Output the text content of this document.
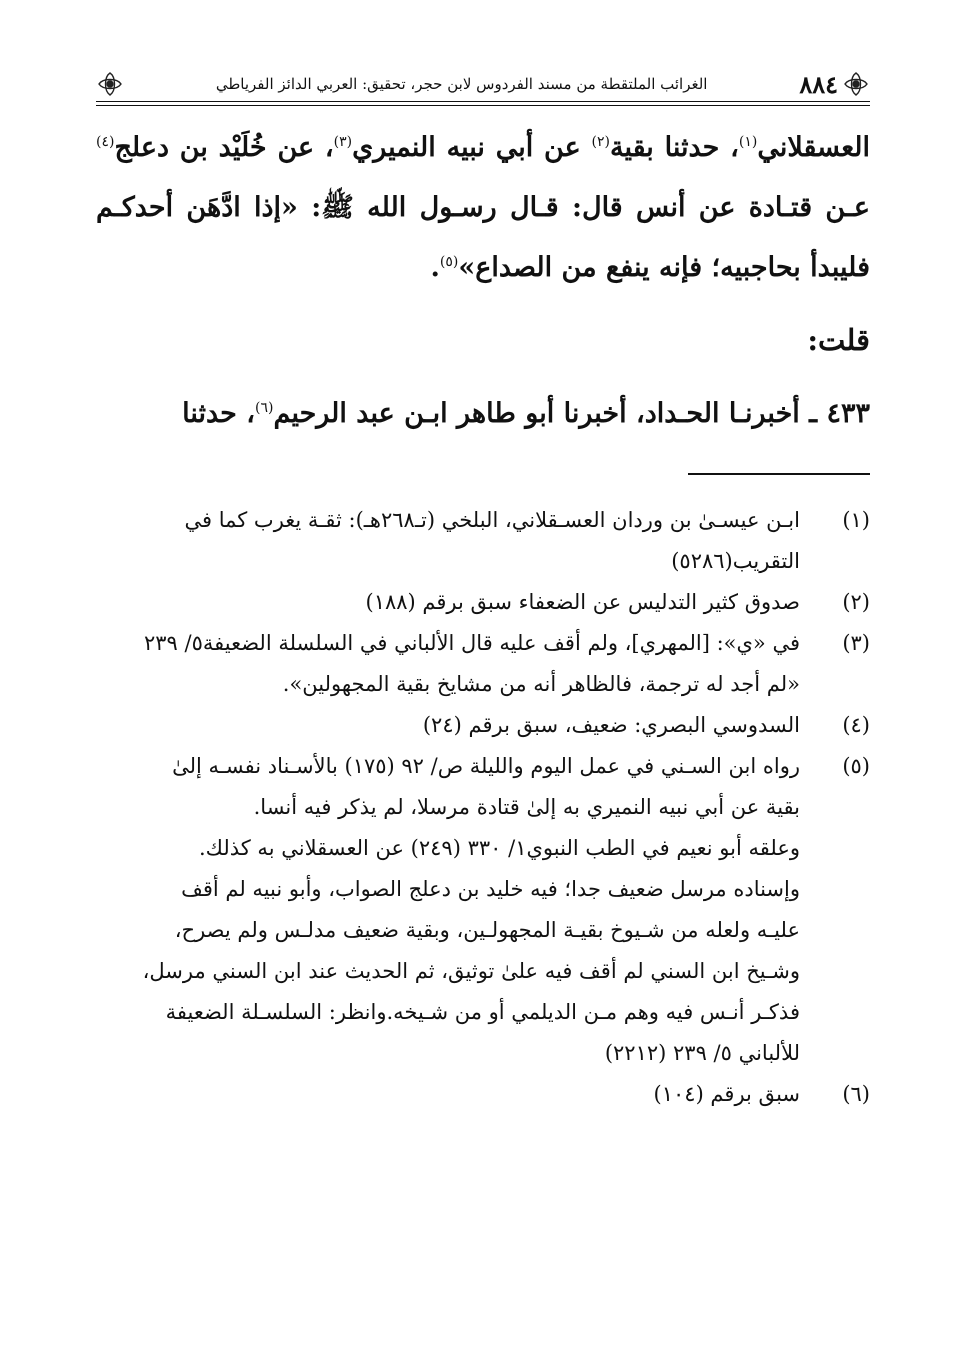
٨٨٤
الغرائب الملتقطة من مسند الفردوس لابن حجر، تحقيق: العربي الدائز الفرياطي

العسقلاني$^{(١)}$، حدثنا بقية$^{(٢)}$ عن أبي نبيه النميري$^{(٣)}$، عن خُلَيْد بن دعلج$^{(٤)}$ عـن قتـادة عن أنس قال: قـال رسـول الله ﷺ: «إذا ادَّهَن أحدكـم فليبدأ بحاجبيه؛ فإنه ينفع من الصداع»$^{(٥)}$.

قلت:
٤٣٣ ـ أخبرنـا الحـداد، أخبرنا أبو طاهر ابـن عبد الرحيم$^{(٦)}$، حدثنا
(١)
ابـن عيسـىٰ بن وردان العسـقلاني، البلخي (تـ٢٦٨هـ): ثقـة يغرب كما في
التقريب(٥٢٨٦)
(٢)
صدوق كثير التدليس عن الضعفاء سبق برقم (١٨٨)
(٣)
في «ي»: [المهري]، ولم أقف عليه قال الألباني في السلسلة الضعيفة٥/ ٢٣٩
«لم أجد له ترجمة، فالظاهر أنه من مشايخ بقية المجهولين».
(٤)
السدوسي البصري: ضعيف، سبق برقم (٢٤)
(٥)
رواه ابن السـني في عمل اليوم والليلة ص/ ٩٢ (١٧٥) بالأسـناد نفسـه إلىٰ
بقية عن أبي نبيه النميري به إلىٰ قتادة مرسلا، لم يذكر فيه أنسا.
وعلقه أبو نعيم في الطب النبوي١/ ٣٣٠ (٢٤٩) عن العسقلاني به كذلك.
وإسناده مرسل ضعيف جدا؛ فيه خليد بن دعلج الصواب، وأبو نبيه لم أقف
عليـه ولعله من شـيوخ بقيـة المجهولـين، وبقية ضعيف مدلـس ولم يصرح،
وشـيخ ابن السني لم أقف فيه علىٰ توثيق، ثم الحديث عند ابن السني مرسل،
فذكـر أنـس فيه وهم مـن الديلمي أو من شـيخه.وانظر: السلسـلة الضعيفة
للألباني ٥/ ٢٣٩ (٢٢١٢)
(٦)
سبق برقم (١٠٤)
